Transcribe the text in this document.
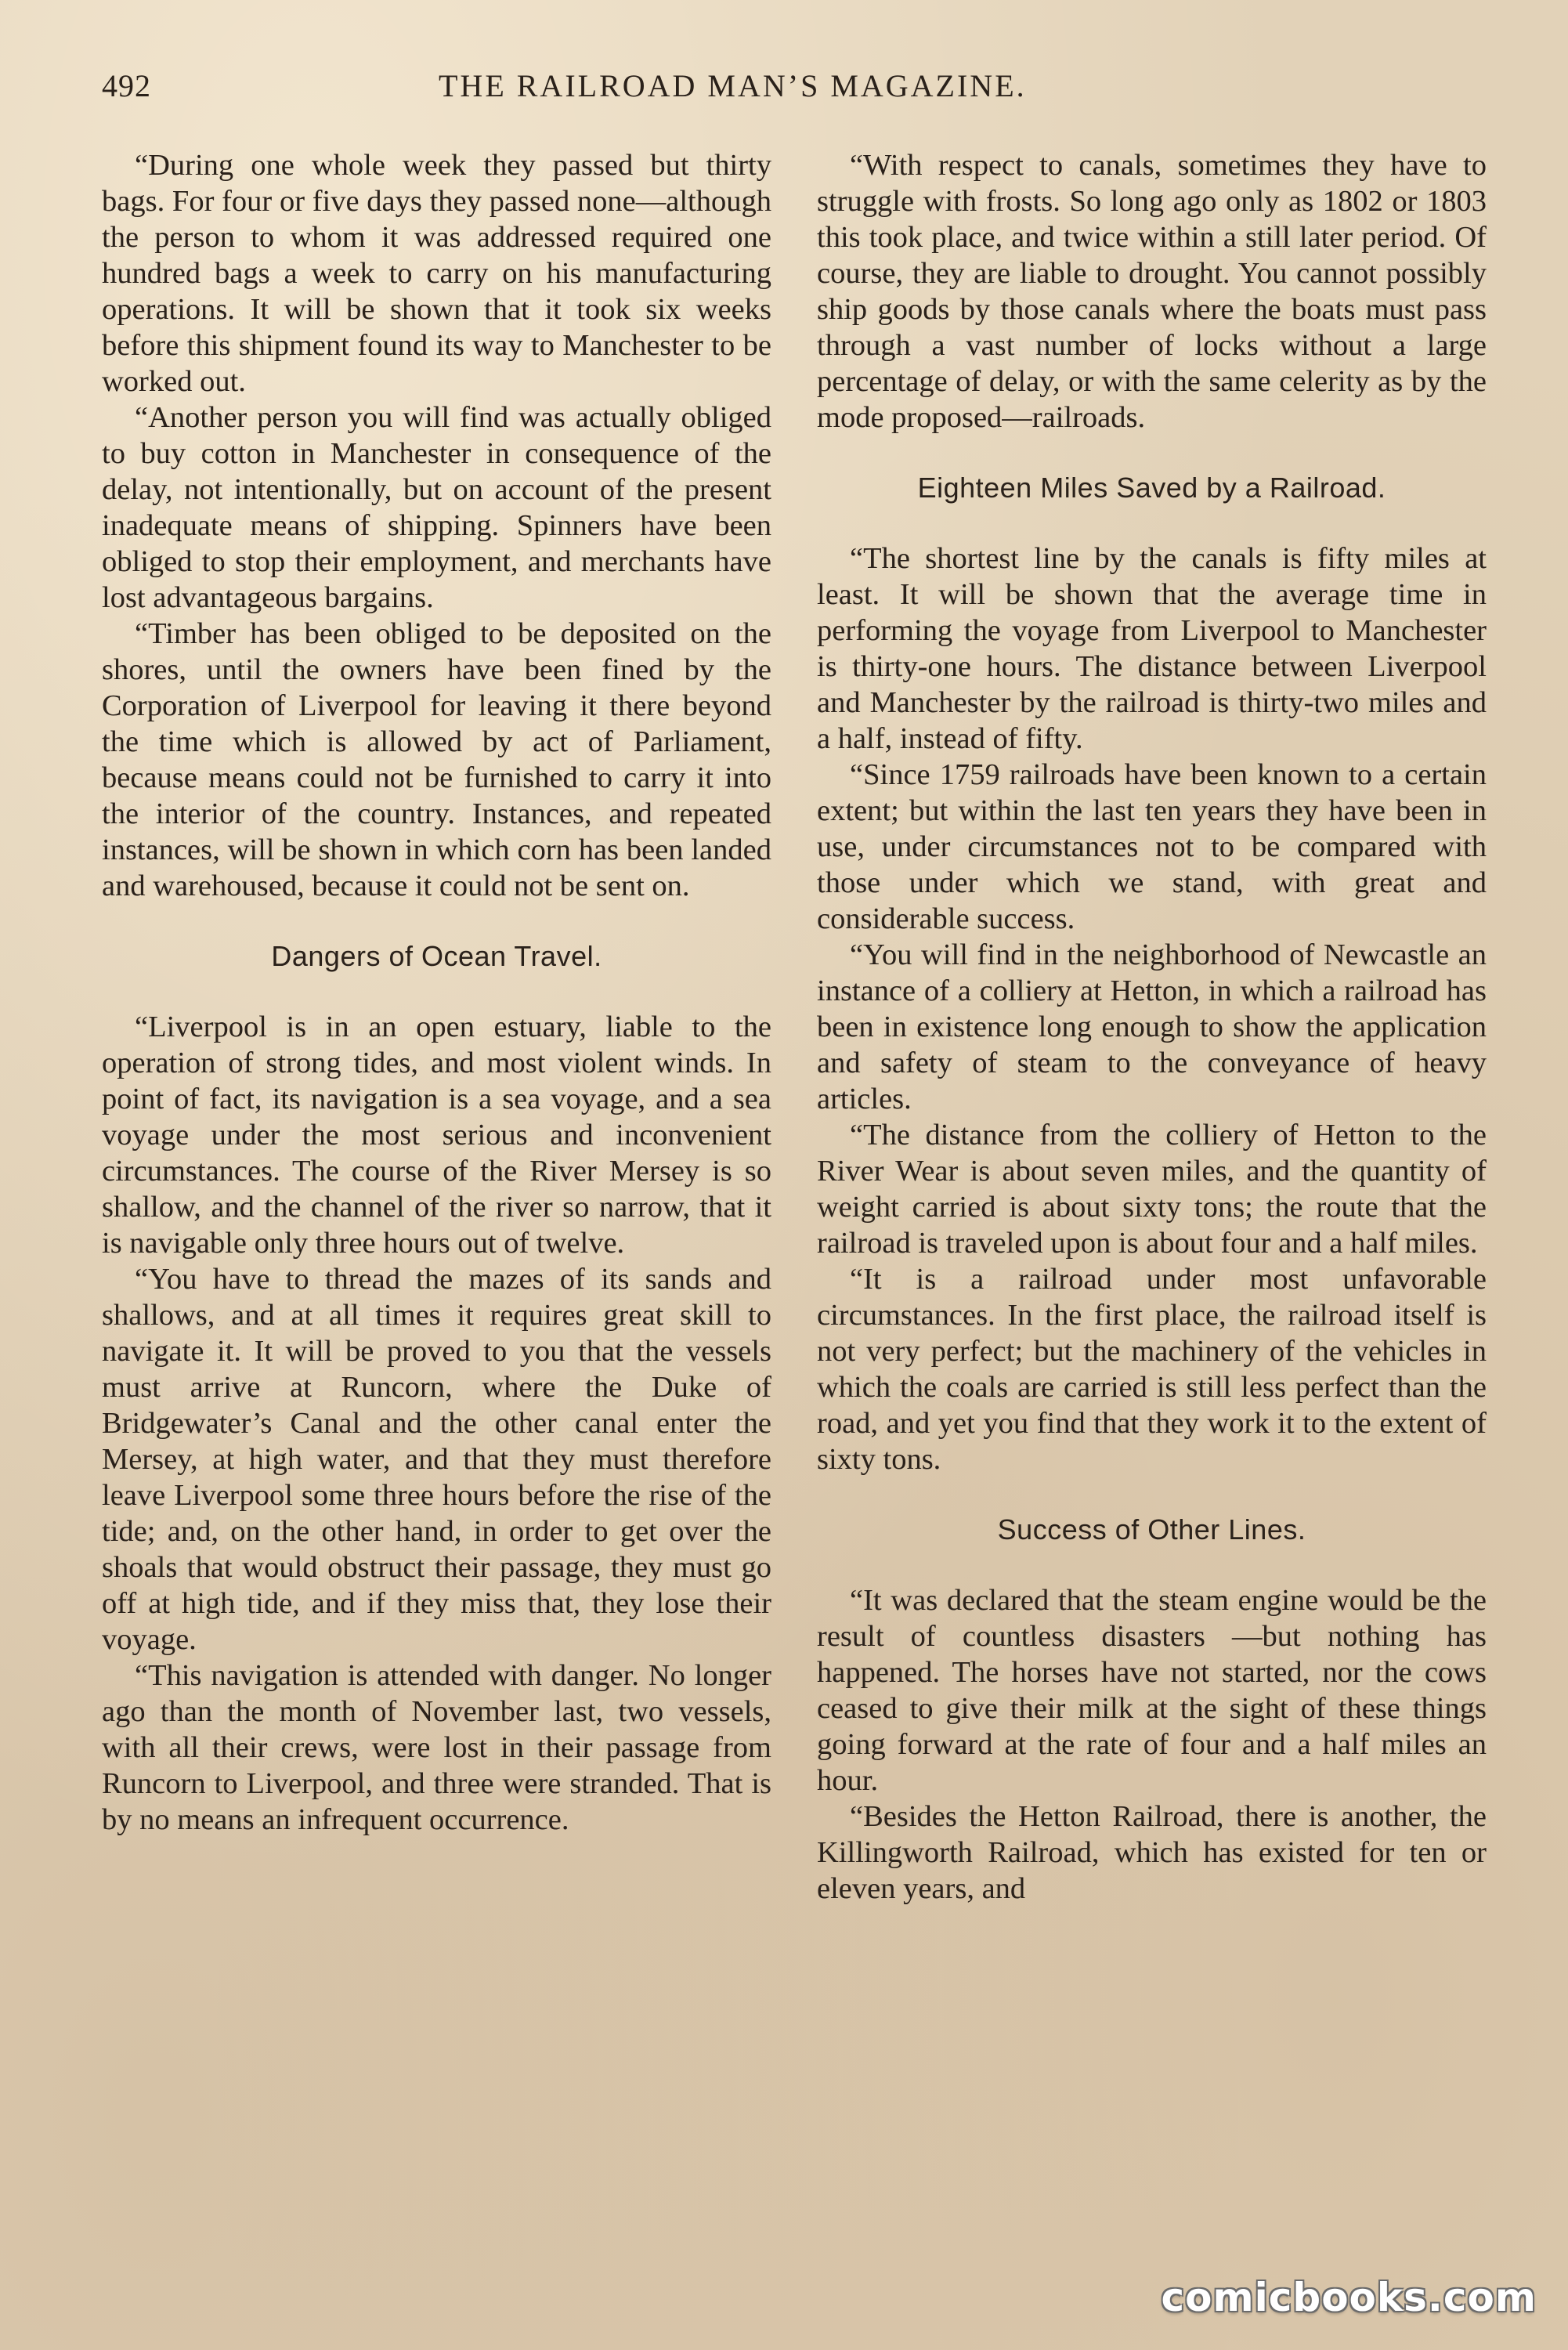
492	THE RAILROAD MAN’S MAGAZINE.

“During one whole week they passed but thirty bags. For four or five days they passed none—although the person to whom it was addressed required one hundred bags a week to carry on his manufacturing operations. It will be shown that it took six weeks before this shipment found its way to Manchester to be worked out.

“Another person you will find was actually obliged to buy cotton in Manchester in consequence of the delay, not intentionally, but on account of the present inadequate means of shipping. Spinners have been obliged to stop their employment, and merchants have lost advantageous bargains.

“Timber has been obliged to be deposited on the shores, until the owners have been fined by the Corporation of Liverpool for leaving it there beyond the time which is allowed by act of Parliament, because means could not be furnished to carry it into the interior of the country. Instances, and repeated instances, will be shown in which corn has been landed and warehoused, because it could not be sent on.

Dangers of Ocean Travel.

“Liverpool is in an open estuary, liable to the operation of strong tides, and most violent winds. In point of fact, its navigation is a sea voyage, and a sea voyage under the most serious and inconvenient circumstances. The course of the River Mersey is so shallow, and the channel of the river so narrow, that it is navigable only three hours out of twelve.

“You have to thread the mazes of its sands and shallows, and at all times it requires great skill to navigate it. It will be proved to you that the vessels must arrive at Runcorn, where the Duke of Bridgewater’s Canal and the other canal enter the Mersey, at high water, and that they must therefore leave Liverpool some three hours before the rise of the tide; and, on the other hand, in order to get over the shoals that would obstruct their passage, they must go off at high tide, and if they miss that, they lose their voyage.

“This navigation is attended with danger. No longer ago than the month of November last, two vessels, with all their crews, were lost in their passage from Runcorn to Liverpool, and three were stranded. That is by no means an infrequent occurrence.

“With respect to canals, sometimes they have to struggle with frosts. So long ago only as 1802 or 1803 this took place, and twice within a still later period. Of course, they are liable to drought. You cannot possibly ship goods by those canals where the boats must pass through a vast number of locks without a large percentage of delay, or with the same celerity as by the mode proposed—railroads.

Eighteen Miles Saved by a Railroad.

“The shortest line by the canals is fifty miles at least. It will be shown that the average time in performing the voyage from Liverpool to Manchester is thirty-one hours. The distance between Liverpool and Manchester by the railroad is thirty-two miles and a half, instead of fifty.

“Since 1759 railroads have been known to a certain extent; but within the last ten years they have been in use, under circumstances not to be compared with those under which we stand, with great and considerable success.

“You will find in the neighborhood of Newcastle an instance of a colliery at Hetton, in which a railroad has been in existence long enough to show the application and safety of steam to the conveyance of heavy articles.

“The distance from the colliery of Hetton to the River Wear is about seven miles, and the quantity of weight carried is about sixty tons; the route that the railroad is traveled upon is about four and a half miles.

“It is a railroad under most unfavorable circumstances. In the first place, the railroad itself is not very perfect; but the machinery of the vehicles in which the coals are carried is still less perfect than the road, and yet you find that they work it to the extent of sixty tons.

Success of Other Lines.

“It was declared that the steam engine would be the result of countless disasters —but nothing has happened. The horses have not started, nor the cows ceased to give their milk at the sight of these things going forward at the rate of four and a half miles an hour.

“Besides the Hetton Railroad, there is another, the Killingworth Railroad, which has existed for ten or eleven years, and

comicbooks.com
